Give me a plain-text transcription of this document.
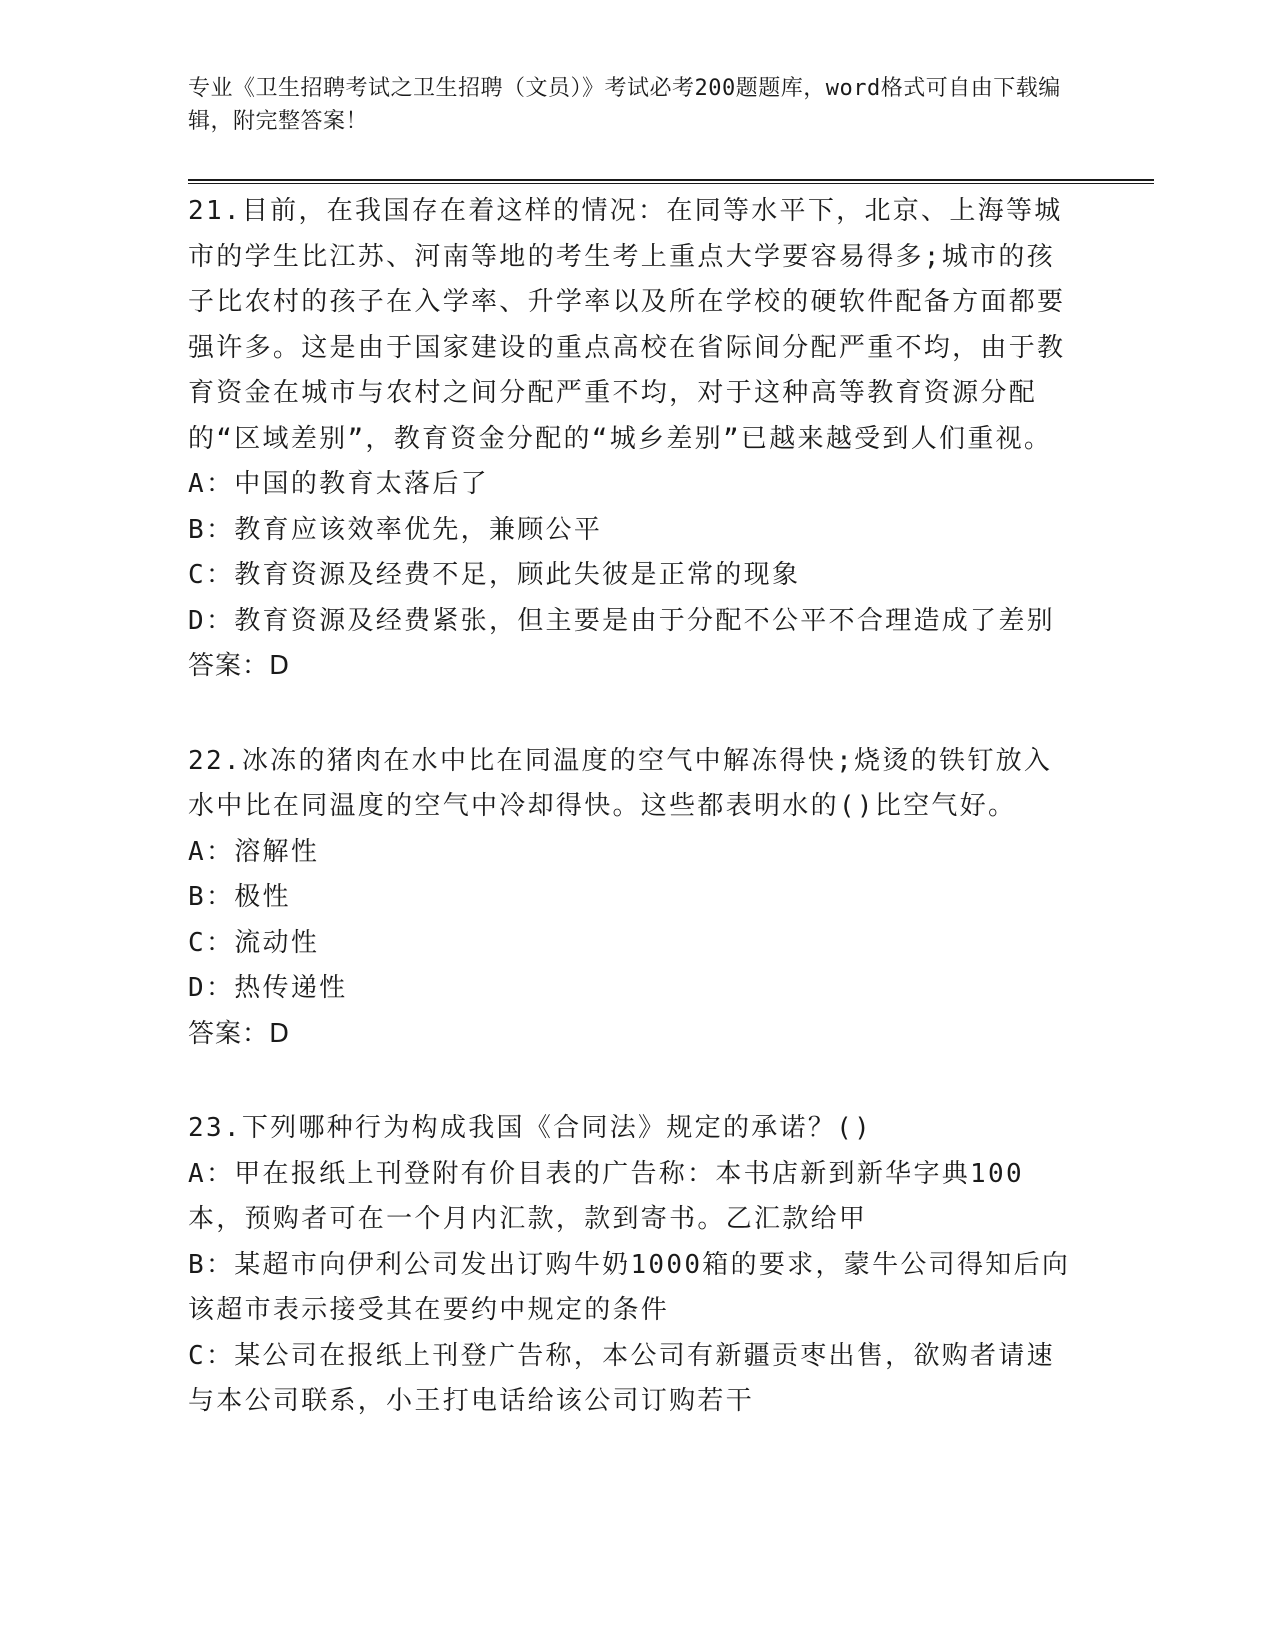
专业《卫生招聘考试之卫生招聘（文员）》考试必考200题题库，word格式可自由下载编辑，附完整答案！

21.目前，在我国存在着这样的情况：在同等水平下，北京、上海等城市的学生比江苏、河南等地的考生考上重点大学要容易得多;城市的孩子比农村的孩子在入学率、升学率以及所在学校的硬软件配备方面都要强许多。这是由于国家建设的重点高校在省际间分配严重不均，由于教育资金在城市与农村之间分配严重不均，对于这种高等教育资源分配的“区域差别”，教育资金分配的“城乡差别”已越来越受到人们重视。

A：中国的教育太落后了

B：教育应该效率优先，兼顾公平

C：教育资源及经费不足，顾此失彼是正常的现象

D：教育资源及经费紧张，但主要是由于分配不公平不合理造成了差别

答案：D

22.冰冻的猪肉在水中比在同温度的空气中解冻得快;烧烫的铁钉放入水中比在同温度的空气中冷却得快。这些都表明水的()比空气好。

A：溶解性

B：极性

C：流动性

D：热传递性

答案：D

23.下列哪种行为构成我国《合同法》规定的承诺？()

A：甲在报纸上刊登附有价目表的广告称：本书店新到新华字典100本，预购者可在一个月内汇款，款到寄书。乙汇款给甲

B：某超市向伊利公司发出订购牛奶1000箱的要求，蒙牛公司得知后向该超市表示接受其在要约中规定的条件

C：某公司在报纸上刊登广告称，本公司有新疆贡枣出售，欲购者请速与本公司联系，小王打电话给该公司订购若干
